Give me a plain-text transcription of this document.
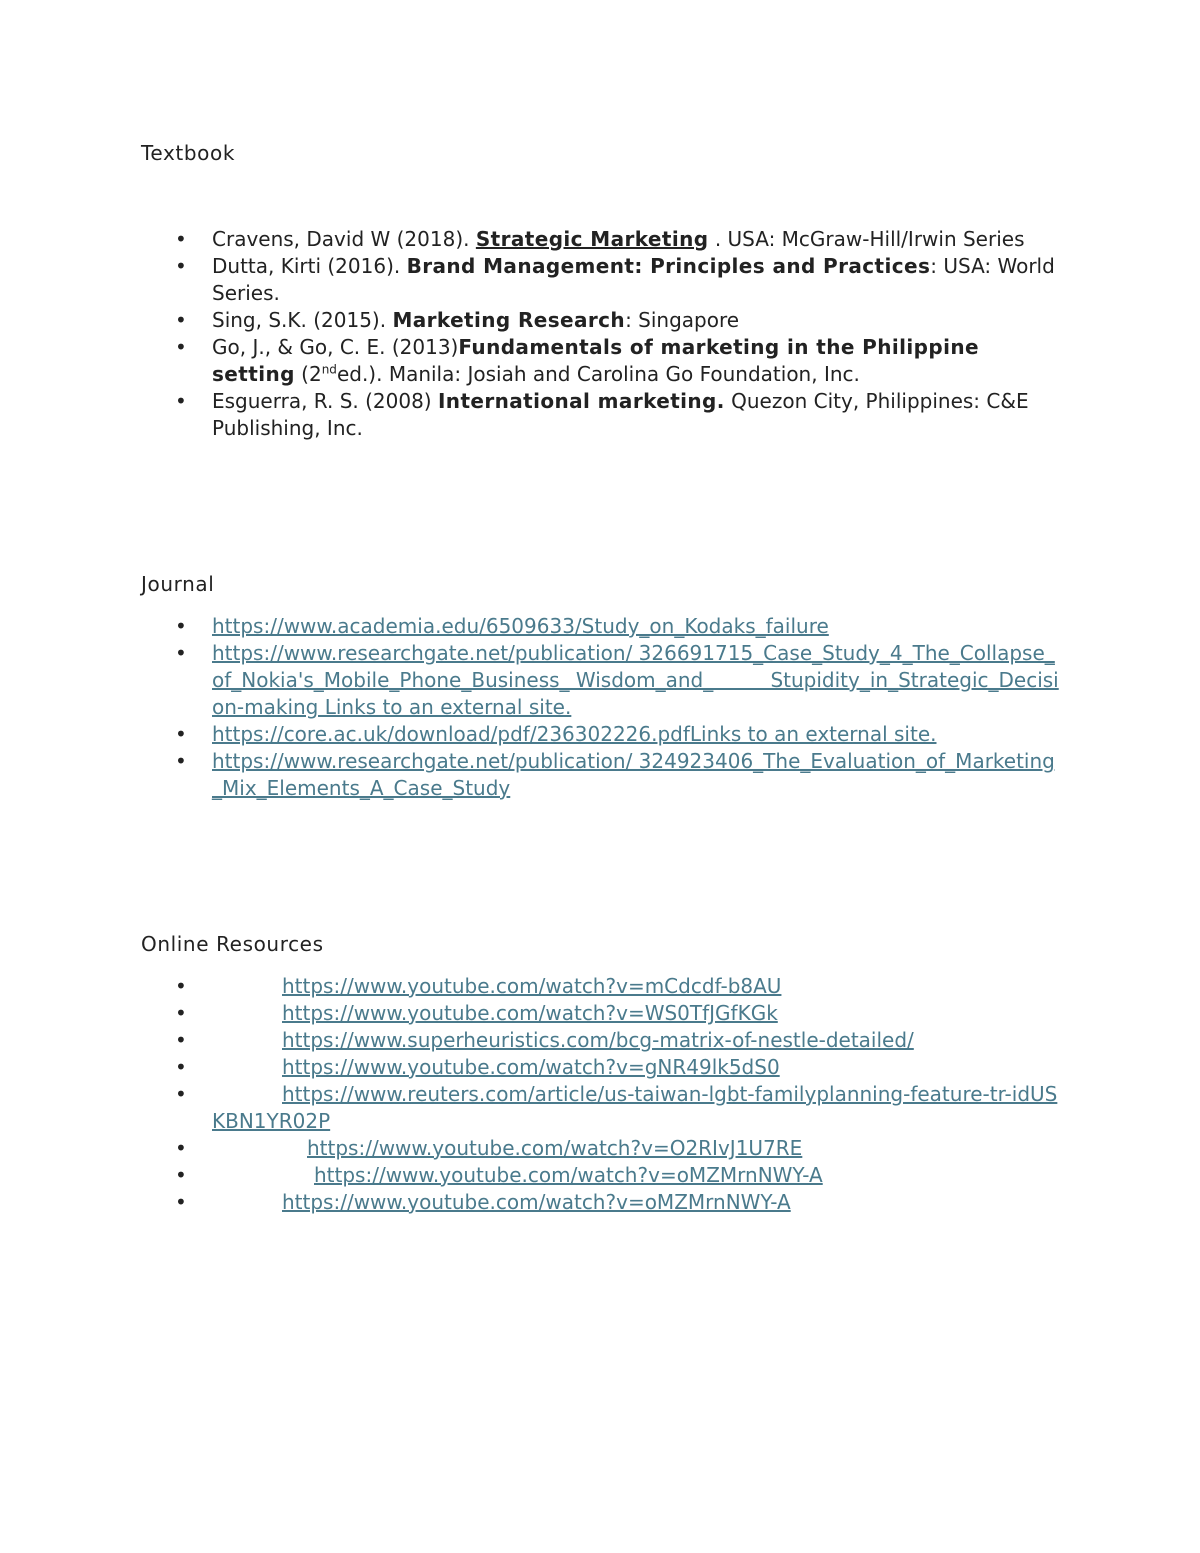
Textbook
• Cravens, David W (2018). Strategic Marketing . USA: McGraw-Hill/Irwin Series
• Dutta, Kirti (2016). Brand Management: Principles and Practices: USA: World Series.
• Sing, S.K. (2015). Marketing Research: Singapore
• Go, J., & Go, C. E. (2013)Fundamentals of marketing in the Philippine setting (2nded.). Manila: Josiah and Carolina Go Foundation, Inc.
• Esguerra, R. S. (2008) International marketing. Quezon City, Philippines: C&E Publishing, Inc.
Journal
• https://www.academia.edu/6509633/Study_on_Kodaks_failure
• https://www.researchgate.net/publication/ 326691715_Case_Study_4_The_Collapse_of_Nokia's_Mobile_Phone_Business_ Wisdom_and_         Stupidity_in_Strategic_Decision-making Links to an external site.
• https://core.ac.uk/download/pdf/236302226.pdfLinks to an external site.
• https://www.researchgate.net/publication/ 324923406_The_Evaluation_of_Marketing_Mix_Elements_A_Case_Study
Online Resources
•	https://www.youtube.com/watch?v=mCdcdf-b8AU
•	https://www.youtube.com/watch?v=WS0TfJGfKGk
•	https://www.superheuristics.com/bcg-matrix-of-nestle-detailed/
•	https://www.youtube.com/watch?v=gNR49lk5dS0
•	https://www.reuters.com/article/us-taiwan-lgbt-familyplanning-feature-tr-idUSKBN1YR02P
•	https://www.youtube.com/watch?v=O2RIvJ1U7RE
•	https://www.youtube.com/watch?v=oMZMrnNWY-A
•	https://www.youtube.com/watch?v=oMZMrnNWY-A
